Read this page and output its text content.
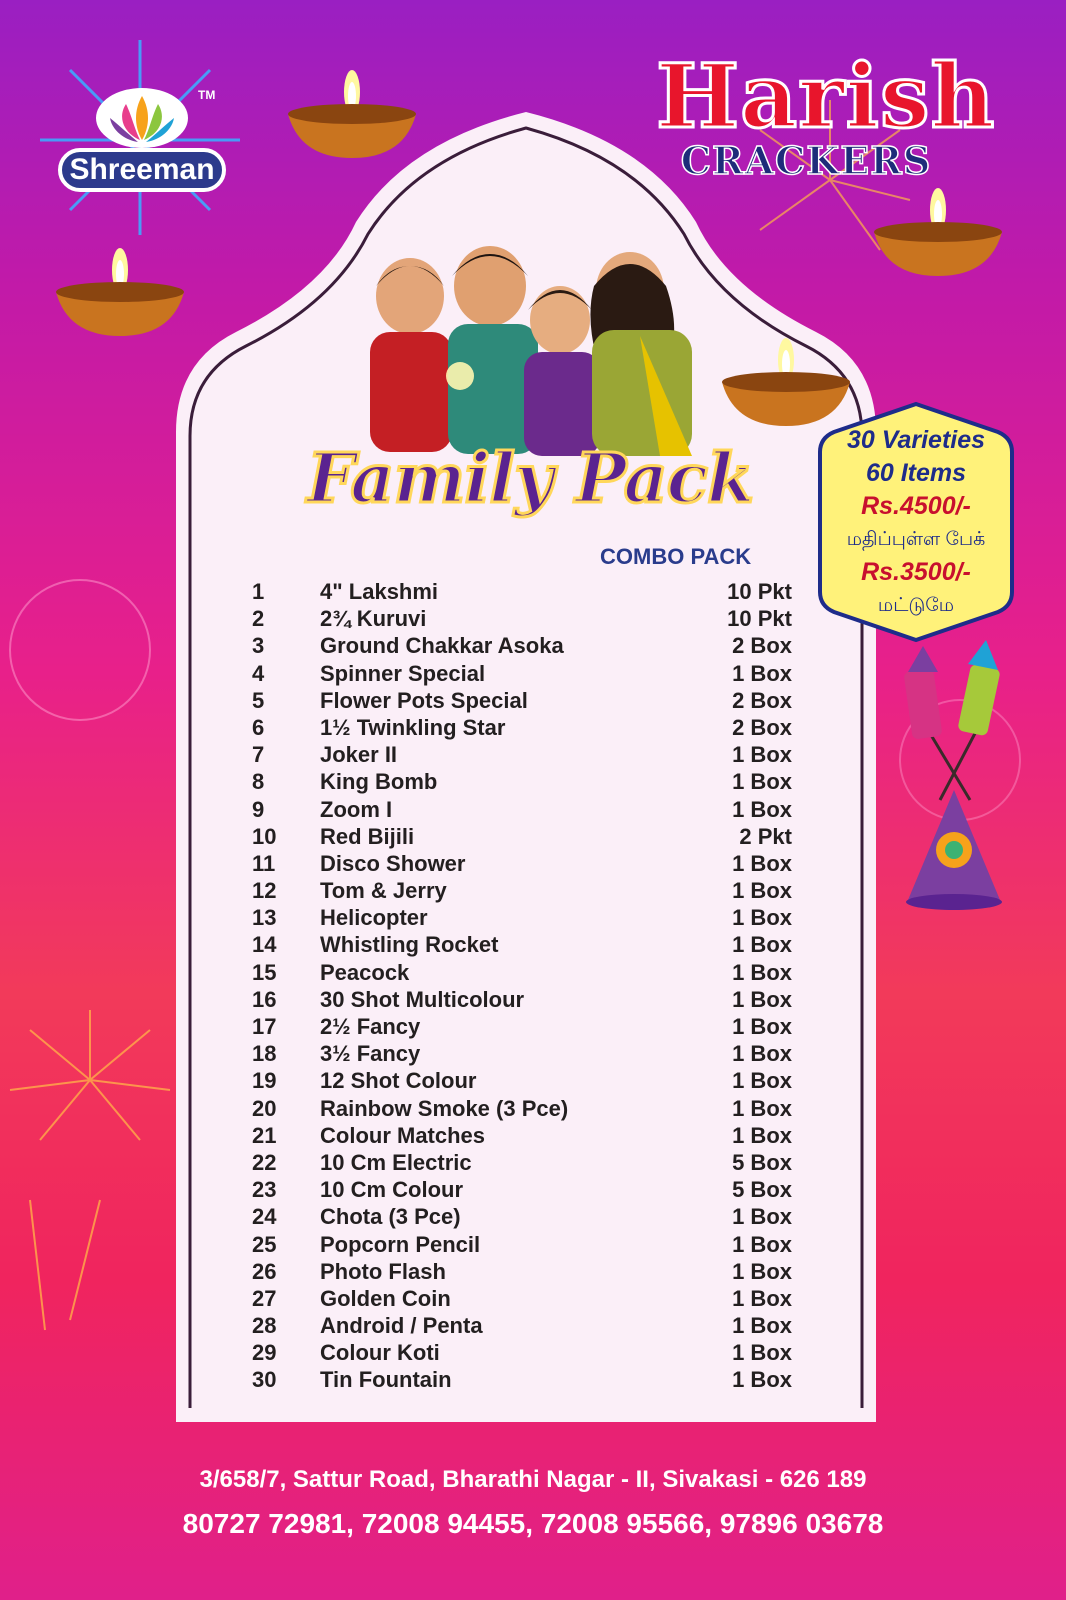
TM
Shreeman
Harish
CRACKERS
Family Pack
COMBO PACK
1	4" Lakshmi	10 Pkt
2	2¾ Kuruvi	10 Pkt
3	Ground Chakkar Asoka	2 Box
4	Spinner Special	1 Box
5	Flower Pots Special	2 Box
6	1½ Twinkling Star	2 Box
7	Joker II	1 Box
8	King Bomb	1 Box
9	Zoom I	1 Box
10	Red Bijili	2 Pkt
11	Disco Shower	1 Box
12	Tom & Jerry	1 Box
13	Helicopter	1 Box
14	Whistling Rocket	1 Box
15	Peacock	1 Box
16	30 Shot Multicolour	1 Box
17	2½ Fancy	1 Box
18	3½ Fancy	1 Box
19	12 Shot Colour	1 Box
20	Rainbow Smoke (3 Pce)	1 Box
21	Colour Matches	1 Box
22	10 Cm Electric	5 Box
23	10 Cm Colour	5 Box
24	Chota (3 Pce)	1 Box
25	Popcorn Pencil	1 Box
26	Photo Flash	1 Box
27	Golden Coin	1 Box
28	Android / Penta	1 Box
29	Colour Koti	1 Box
30	Tin Fountain	1 Box
30 Varieties
60 Items
Rs.4500/-
மதிப்புள்ள பேக்
Rs.3500/-
மட்டுமே
3/658/7, Sattur Road, Bharathi Nagar - II, Sivakasi - 626 189
80727 72981, 72008 94455, 72008 95566, 97896 03678
